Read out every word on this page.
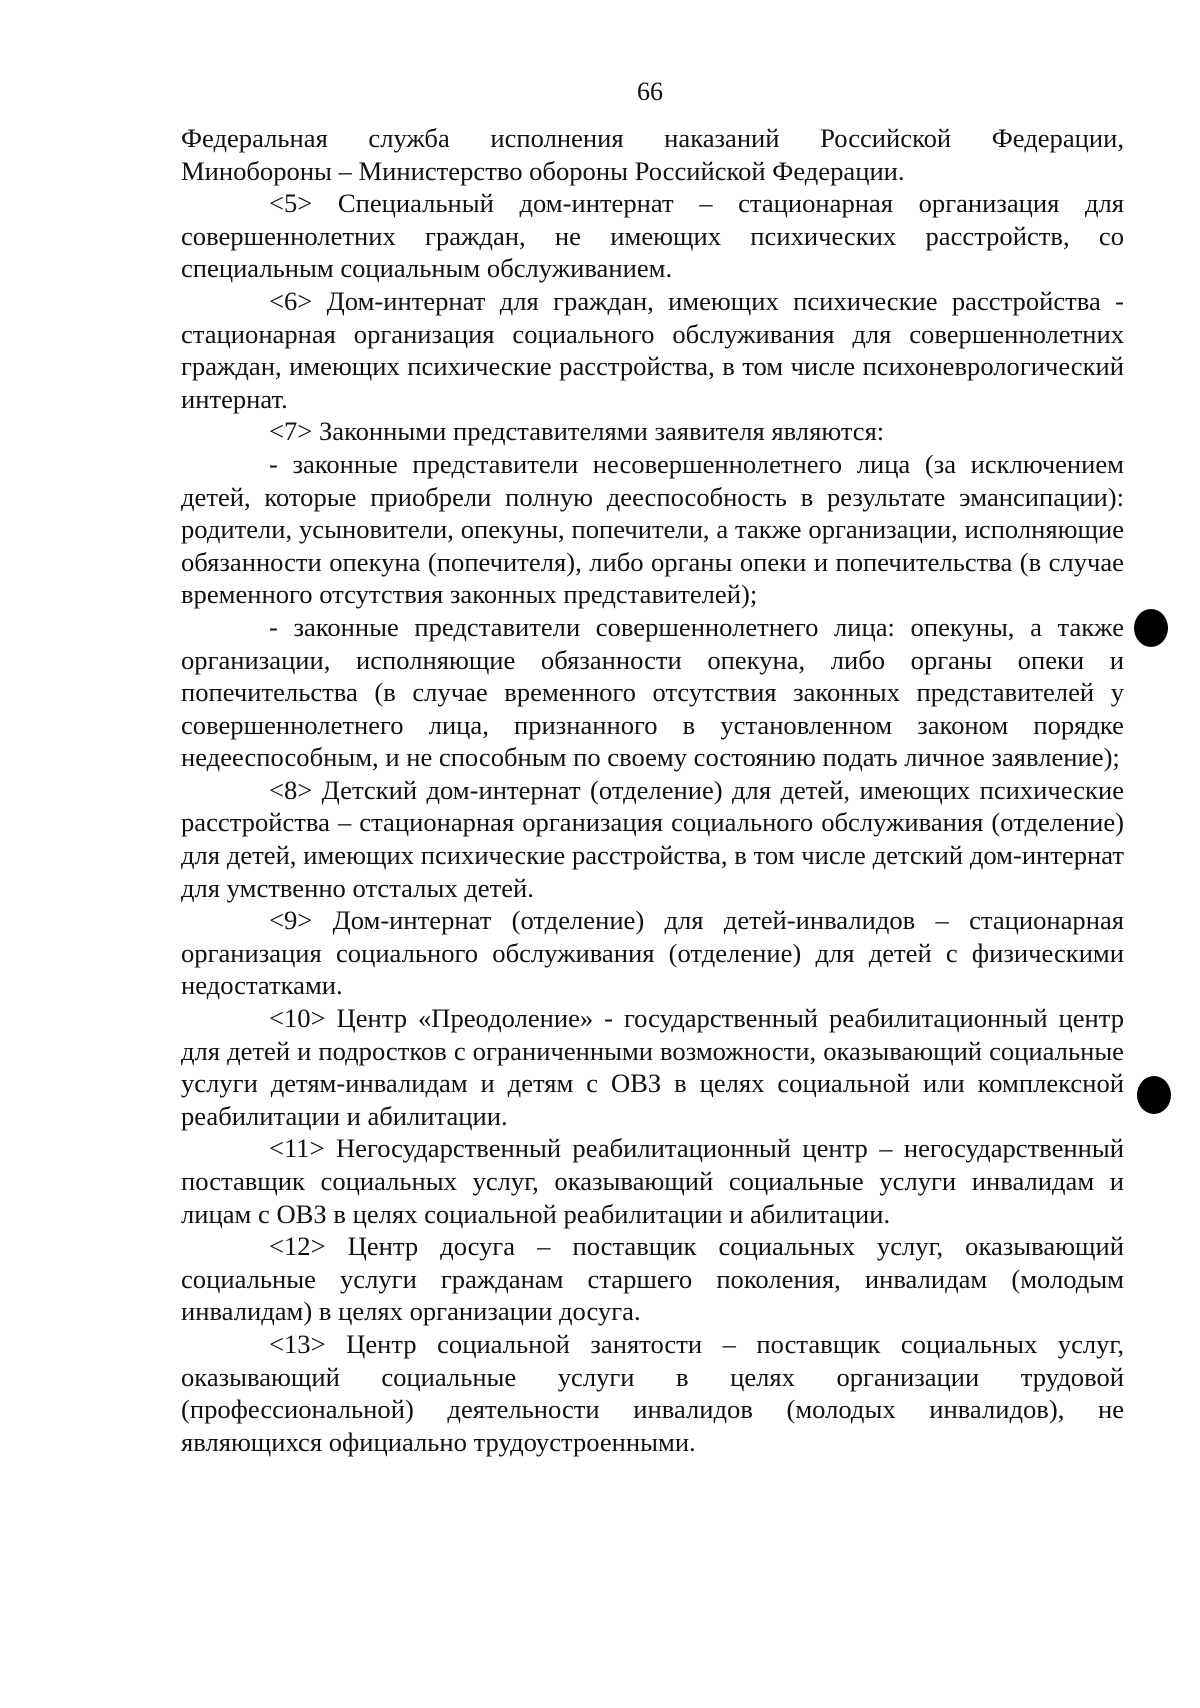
66

Федеральная служба исполнения наказаний Российской Федерации,

Минобороны – Министерство обороны Российской Федерации.

<5> Специальный дом-интернат – стационарная организация для совершеннолетних граждан, не имеющих психических расстройств, со специальным социальным обслуживанием.

<6> Дом-интернат для граждан, имеющих психические расстройства - стационарная организация социального обслуживания для совершеннолетних граждан, имеющих психические расстройства, в том числе психоневрологический интернат.

<7> Законными представителями заявителя являются:

- законные представители несовершеннолетнего лица (за исключением детей, которые приобрели полную дееспособность в результате эмансипации): родители, усыновители, опекуны, попечители, а также организации, исполняющие обязанности опекуна (попечителя), либо органы опеки и попечительства (в случае временного отсутствия законных представителей);

- законные представители совершеннолетнего лица: опекуны, а также организации, исполняющие обязанности опекуна, либо органы опеки и попечительства (в случае временного отсутствия законных представителей у совершеннолетнего лица, признанного в установленном законом порядке недееспособным, и не способным по своему состоянию подать личное заявление);

<8> Детский дом-интернат (отделение) для детей, имеющих психические расстройства – стационарная организация социального обслуживания (отделение) для детей, имеющих психические расстройства, в том числе детский дом-интернат для умственно отсталых детей.

<9> Дом-интернат (отделение) для детей-инвалидов – стационарная организация социального обслуживания (отделение) для детей с физическими недостатками.

<10> Центр «Преодоление» - государственный реабилитационный центр для детей и подростков с ограниченными возможности, оказывающий социальные услуги детям-инвалидам и детям с ОВЗ в целях социальной или комплексной реабилитации и абилитации.

<11> Негосударственный реабилитационный центр – негосударственный поставщик социальных услуг, оказывающий социальные услуги инвалидам и лицам с ОВЗ в целях социальной реабилитации и абилитации.

<12> Центр досуга – поставщик социальных услуг, оказывающий социальные услуги гражданам старшего поколения, инвалидам (молодым инвалидам) в целях организации досуга.

<13> Центр социальной занятости – поставщик социальных услуг, оказывающий социальные услуги в целях организации трудовой (профессиональной) деятельности инвалидов (молодых инвалидов), не являющихся официально трудоустроенными.
